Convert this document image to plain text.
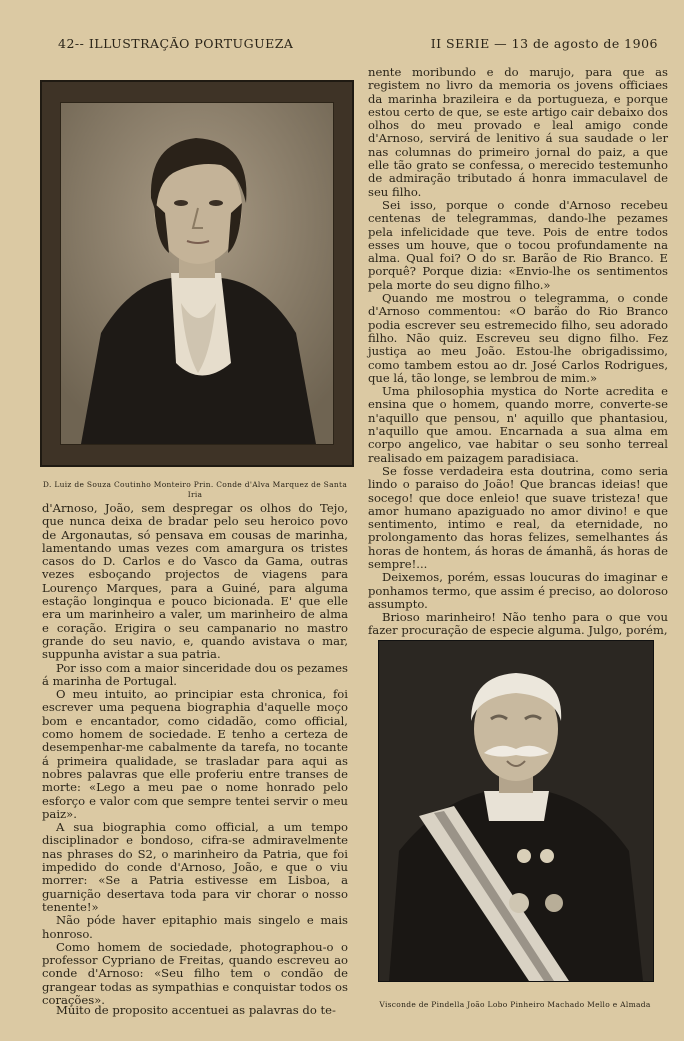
42-- ILLUSTRAÇÃO PORTUGUEZA	II SERIE — 13 de agosto de 1906
D. Luiz de Souza Coutinho Monteiro Prin. Conde d'Alva Marquez de Santa Iria

d'Arnoso, João, sem despregar os olhos do Tejo, que nunca deixa de bradar pelo seu heroico povo de Argonautas, só pensava em cousas de marinha, lamentando umas vezes com amargura os tristes casos do D. Carlos e do Vasco da Gama, outras vezes esboçando projectos de viagens para Lourenço Marques, para a Guiné, para alguma estação longinqua e pouco bicionada. E' que elle era um marinheiro a valer, um marinheiro de alma e coração. Erigira o seu campanario no mastro grande do seu navio, e, quando avistava o mar, suppunha avistar a sua patria.

Por isso com a maior sinceridade dou os pezames á marinha de Portugal.

O meu intuito, ao principiar esta chronica, foi escrever uma pequena biographia d'aquelle moço bom e encantador, como cidadão, como official, como homem de sociedade. E tenho a certeza de desempenhar-me cabalmente da tarefa, no tocante á primeira qualidade, se trasladar para aqui as nobres palavras que elle proferiu entre transes de morte: «Lego a meu pae o nome honrado pelo esforço e valor com que sempre tentei servir o meu paiz».

A sua biographia como official, a um tempo disciplinador e bondoso, cifra-se admiravelmente nas phrases do S2, o marinheiro da Patria, que foi impedido do conde d'Arnoso, João, e que o viu morrer: «Se a Patria estivesse em Lisboa, a guarnição desertava toda para vir chorar o nosso tenente!»

Não póde haver epitaphio mais singelo e mais honroso.

Como homem de sociedade, photographou-o o professor Cypriano de Freitas, quando escreveu ao conde d'Arnoso: «Seu filho tem o condão de grangear todas as sympathias e conquistar todos os corações».

Muito de proposito accentuei as palavras do te-

nente moribundo e do marujo, para que as registem no livro da memoria os jovens officiaes da marinha brazileira e da portugueza, e porque estou certo de que, se este artigo cair debaixo dos olhos do meu provado e leal amigo conde d'Arnoso, servirá de lenitivo á sua saudade o ler nas columnas do primeiro jornal do paiz, a que elle tão grato se confessa, o merecido testemunho de admiração tributado á honra immaculavel de seu filho.

Sei isso, porque o conde d'Arnoso recebeu centenas de telegrammas, dando-lhe pezames pela infelicidade que teve. Pois de entre todos esses um houve, que o tocou profundamente na alma. Qual foi? O do sr. Barão de Rio Branco. E porquê? Porque dizia: «Envio-lhe os sentimentos pela morte do seu digno filho.»

Quando me mostrou o telegramma, o conde d'Arnoso commentou: «O barão do Rio Branco podia escrever seu estremecido filho, seu adorado filho. Não quiz. Escreveu seu digno filho. Fez justiça ao meu João. Estou-lhe obrigadissimo, como tambem estou ao dr. José Carlos Rodrigues, que lá, tão longe, se lembrou de mim.»

Uma philosophia mystica do Norte acredita e ensina que o homem, quando morre, converte-se n'aquillo que pensou, n' aquillo que phantasiou, n'aquillo que amou. Encarnada a sua alma em corpo angelico, vae habitar o seu sonho terreal realisado em paizagem paradisiaca.

Se fosse verdadeira esta doutrina, como seria lindo o paraiso do João! Que brancas ideias! que socego! que doce enleio! que suave tristeza! que amor humano apaziguado no amor divino! e que sentimento, intimo e real, da eternidade, no prolongamento das horas felizes, semelhantes ás horas de hontem, ás horas de ámanhã, ás horas de sempre!...

Deixemos, porém, essas loucuras do imaginar e ponhamos termo, que assim é preciso, ao doloroso assumpto.

Brioso marinheiro! Não tenho para o que vou fazer procuração de especie alguma. Julgo, porém,

Visconde de Pindella João Lobo Pinheiro Machado Mello e Almada
